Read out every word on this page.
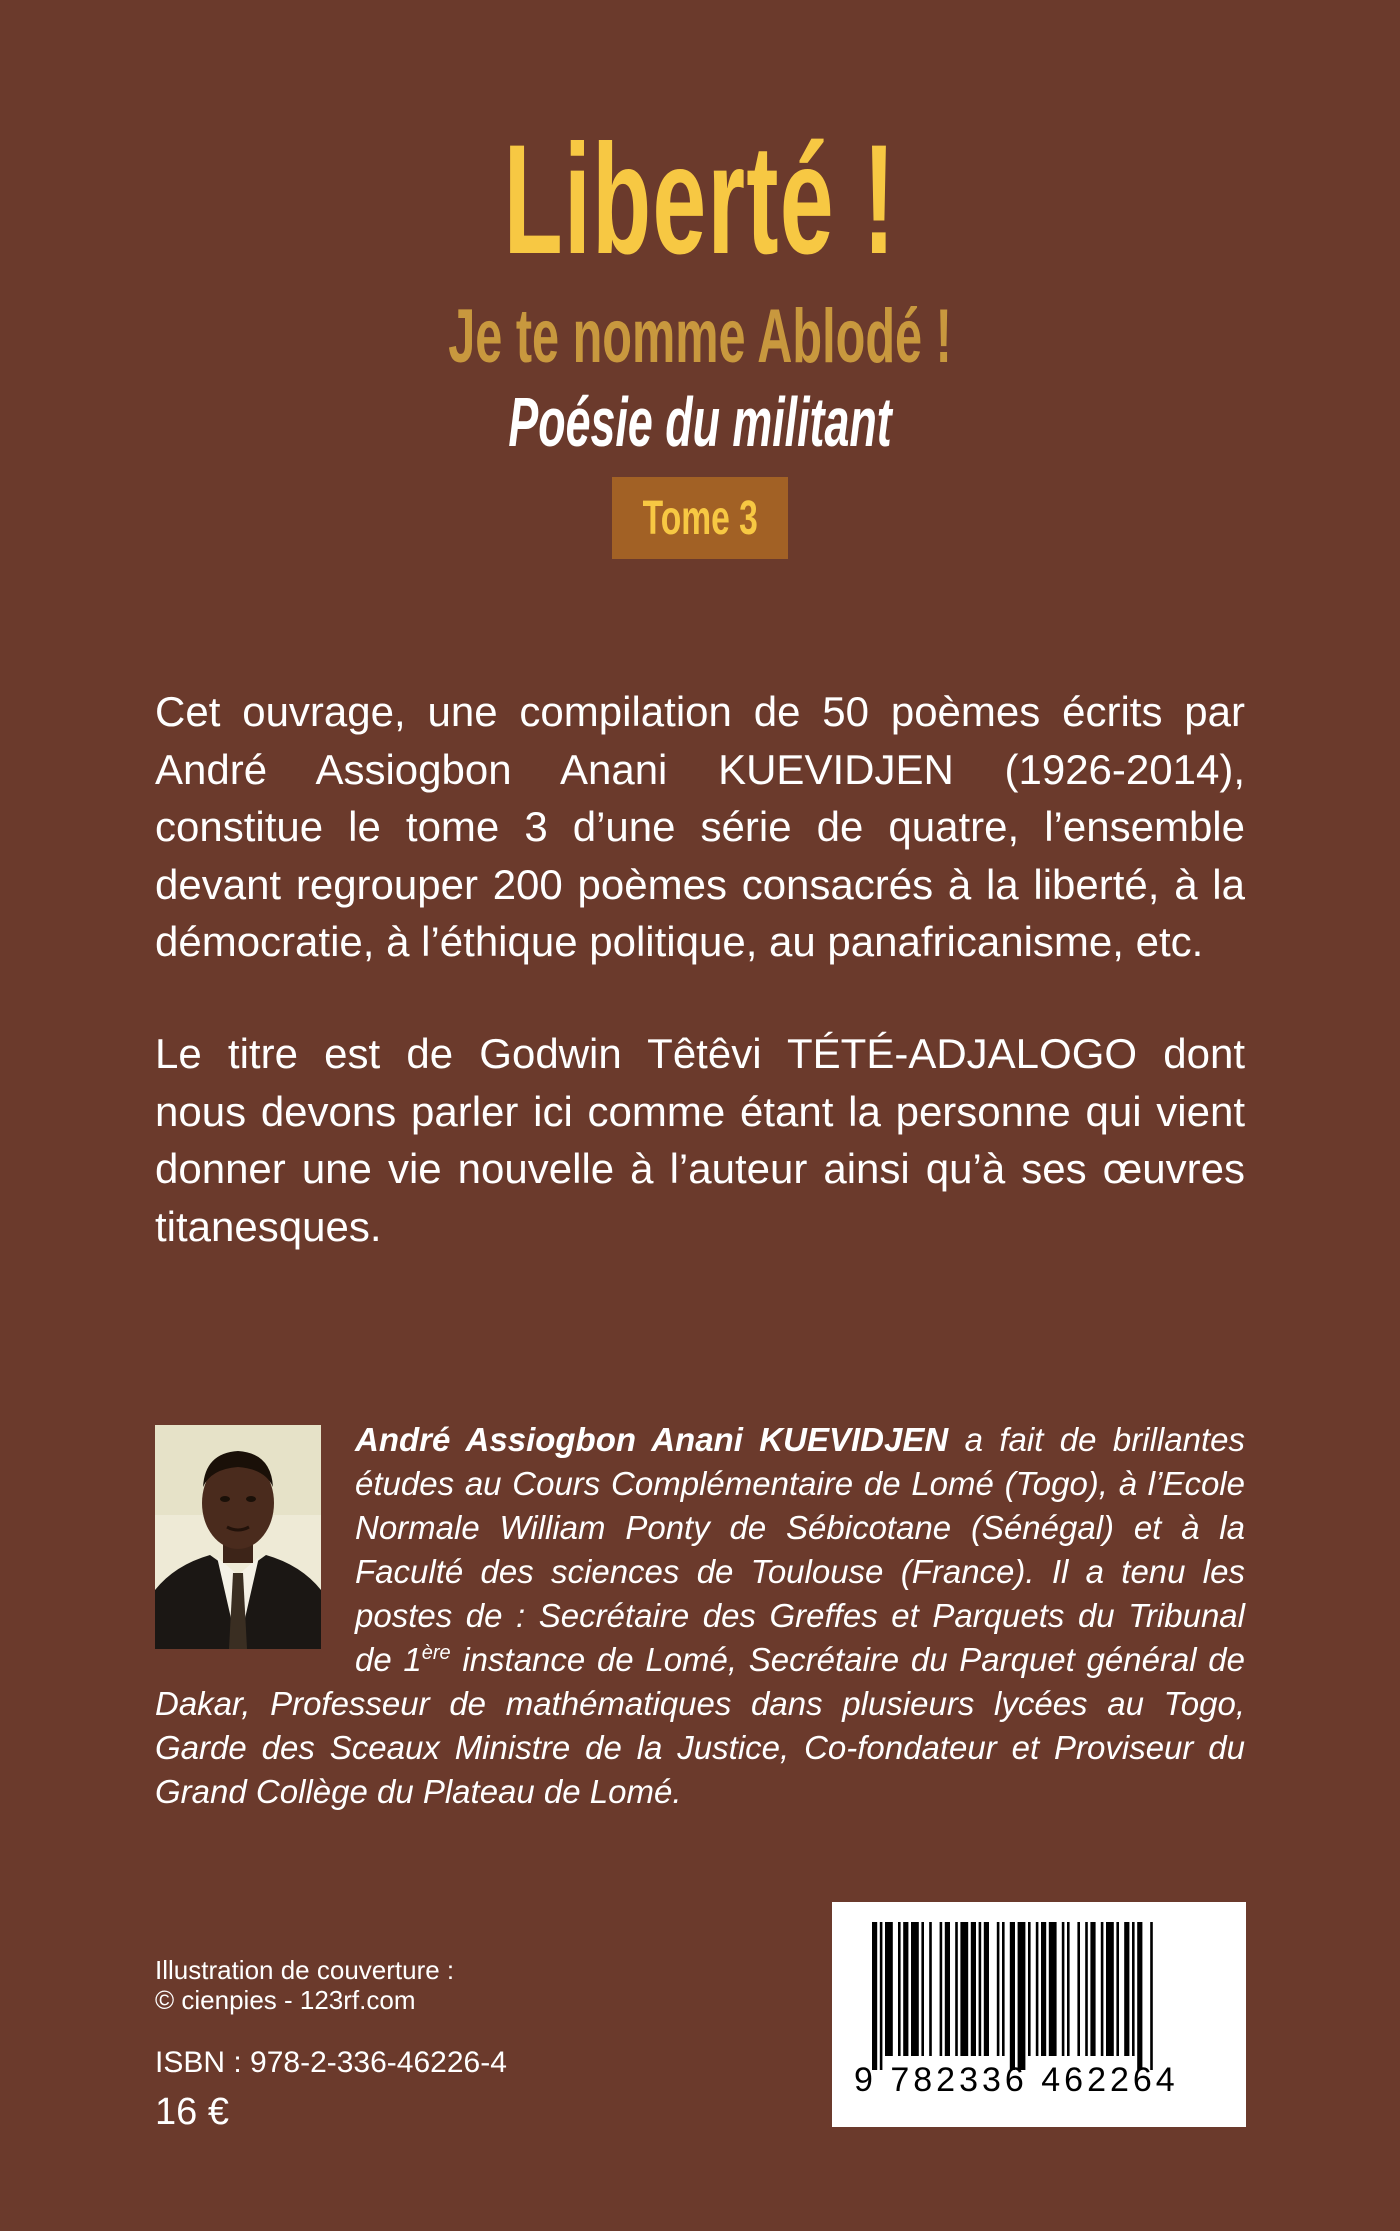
Liberté !
Je te nomme Ablodé !
Poésie du militant
Tome 3

Cet ouvrage, une compilation de 50 poèmes écrits par André Assiogbon Anani KUEVIDJEN (1926-2014), constitue le tome 3 d’une série de quatre, l’ensemble devant regrouper 200 poèmes consacrés à la liberté, à la démocratie, à l’éthique politique, au panafricanisme, etc.

Le titre est de Godwin Têtêvi TÉTÉ-ADJALOGO dont nous devons parler ici comme étant la personne qui vient donner une vie nouvelle à l’auteur ainsi qu’à ses œuvres titanesques.

André Assiogbon Anani KUEVIDJEN a fait de brillantes études au Cours Complémentaire de Lomé (Togo), à l’Ecole Normale William Ponty de Sébicotane (Sénégal) et à la Faculté des sciences de Toulouse (France). Il a tenu les postes de : Secrétaire des Greffes et Parquets du Tribunal de 1ère instance de Lomé, Secrétaire du Parquet général de Dakar, Professeur de mathématiques dans plusieurs lycées au Togo, Garde des Sceaux Ministre de la Justice, Co-fondateur et Proviseur du Grand Collège du Plateau de Lomé.

Illustration de couverture :
© cienpies - 123rf.com
ISBN : 978-2-336-46226-4
16 €
9 782336 462264
